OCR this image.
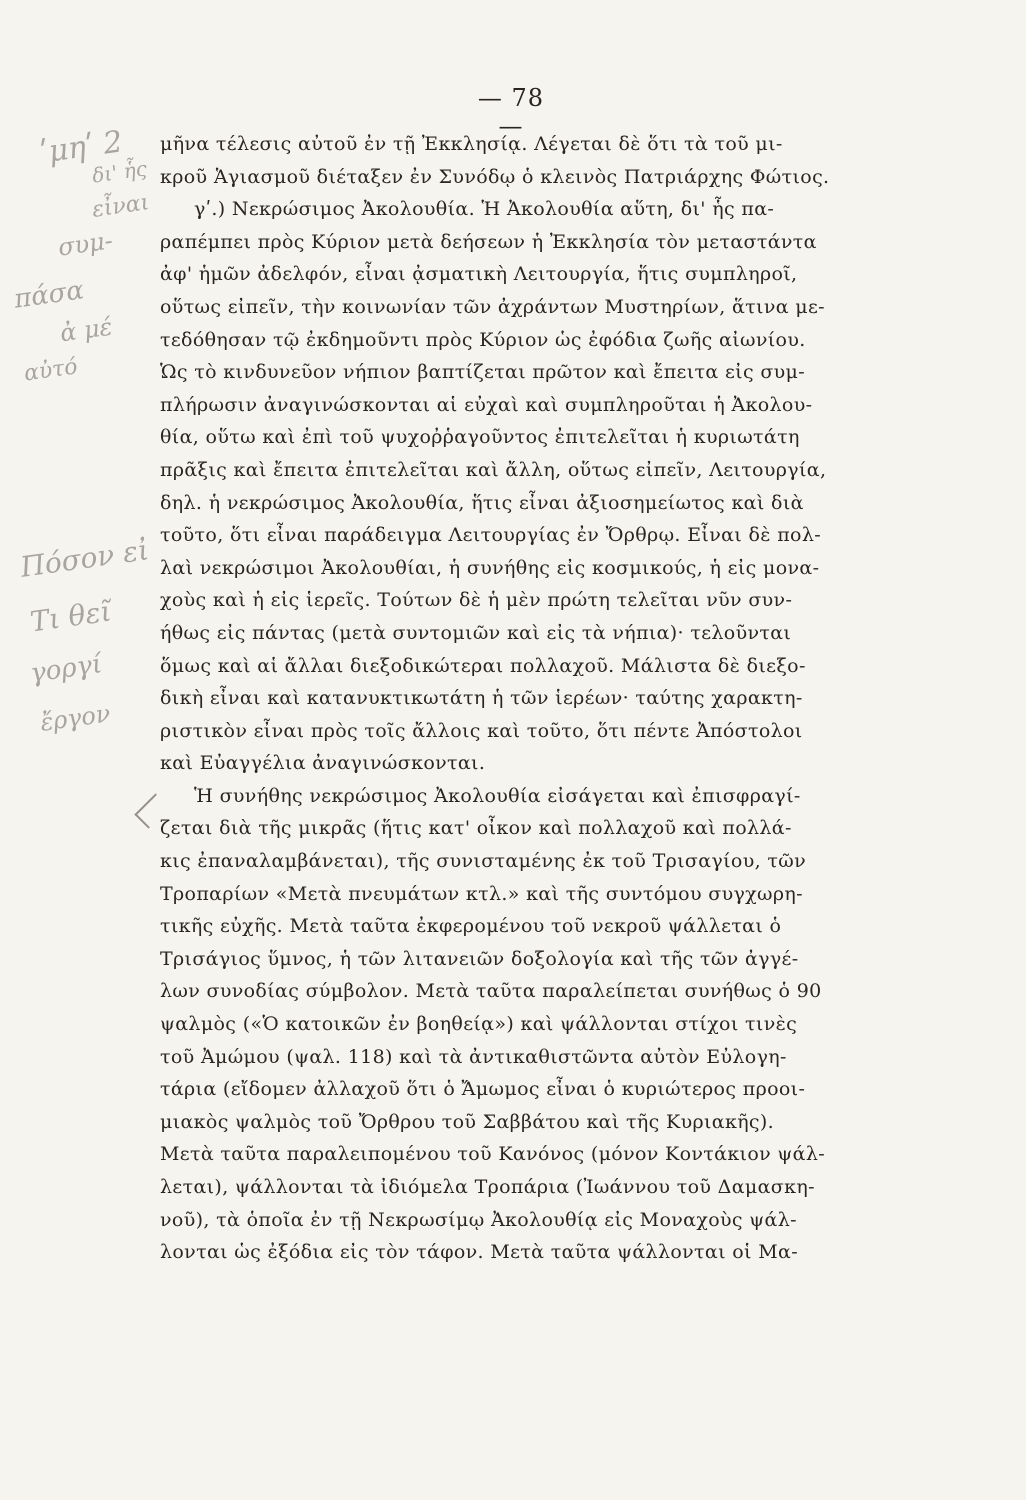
— 78 —
ʹμηʹ 2
δι' ἧς
εἶναι
συμ-
πάσα
ἀ μέ
αὐτό
Πόσον εἰ
Τι θεῖ
γοργί
ἔργον
μῆνα τέλεσις αὐτοῦ ἐν τῇ Ἐκκλησίᾳ. Λέγεται δὲ ὅτι τὰ τοῦ μι-
κροῦ Ἁγιασμοῦ διέταξεν ἐν Συνόδῳ ὁ κλεινὸς Πατριάρχης Φώτιος.
γʹ.) Νεκρώσιμος Ἀκολουθία. Ἡ Ἀκολουθία αὕτη, δι' ἧς πα-
ραπέμπει πρὸς Κύριον μετὰ δεήσεων ἡ Ἐκκλησία τὸν μεταστάντα
ἀφ' ἡμῶν ἀδελφόν, εἶναι ᾀσματικὴ Λειτουργία, ἥτις συμπληροῖ,
οὕτως εἰπεῖν, τὴν κοινωνίαν τῶν ἀχράντων Μυστηρίων, ἅτινα με-
τεδόθησαν τῷ ἐκδημοῦντι πρὸς Κύριον ὡς ἐφόδια ζωῆς αἰωνίου.
Ὡς τὸ κινδυνεῦον νήπιον βαπτίζεται πρῶτον καὶ ἔπειτα εἰς συμ-
πλήρωσιν ἀναγινώσκονται αἱ εὐχαὶ καὶ συμπληροῦται ἡ Ἀκολου-
θία, οὕτω καὶ ἐπὶ τοῦ ψυχοῤῥαγοῦντος ἐπιτελεῖται ἡ κυριωτάτη
πρᾶξις καὶ ἔπειτα ἐπιτελεῖται καὶ ἄλλη, οὕτως εἰπεῖν, Λειτουργία,
δηλ. ἡ νεκρώσιμος Ἀκολουθία, ἥτις εἶναι ἀξιοσημείωτος καὶ διὰ
τοῦτο, ὅτι εἶναι παράδειγμα Λειτουργίας ἐν Ὄρθρῳ. Εἶναι δὲ πολ-
λαὶ νεκρώσιμοι Ἀκολουθίαι, ἡ συνήθης εἰς κοσμικούς, ἡ εἰς μονα-
χοὺς καὶ ἡ εἰς ἱερεῖς. Τούτων δὲ ἡ μὲν πρώτη τελεῖται νῦν συν-
ήθως εἰς πάντας (μετὰ συντομιῶν καὶ εἰς τὰ νήπια)· τελοῦνται
ὅμως καὶ αἱ ἄλλαι διεξοδικώτεραι πολλαχοῦ. Μάλιστα δὲ διεξο-
δικὴ εἶναι καὶ κατανυκτικωτάτη ἡ τῶν ἱερέων· ταύτης χαρακτη-
ριστικὸν εἶναι πρὸς τοῖς ἄλλοις καὶ τοῦτο, ὅτι πέντε Ἀπόστολοι
καὶ Εὐαγγέλια ἀναγινώσκονται.
Ἡ συνήθης νεκρώσιμος Ἀκολουθία εἰσάγεται καὶ ἐπισφραγί-
ζεται διὰ τῆς μικρᾶς (ἥτις κατ' οἶκον καὶ πολλαχοῦ καὶ πολλά-
κις ἐπαναλαμβάνεται), τῆς συνισταμένης ἐκ τοῦ Τρισαγίου, τῶν
Τροπαρίων «Μετὰ πνευμάτων κτλ.» καὶ τῆς συντόμου συγχωρη-
τικῆς εὐχῆς. Μετὰ ταῦτα ἐκφερομένου τοῦ νεκροῦ ψάλλεται ὁ
Τρισάγιος ὕμνος, ἡ τῶν λιτανειῶν δοξολογία καὶ τῆς τῶν ἀγγέ-
λων συνοδίας σύμβολον. Μετὰ ταῦτα παραλείπεται συνήθως ὁ 90
ψαλμὸς («Ὁ κατοικῶν ἐν βοηθείᾳ») καὶ ψάλλονται στίχοι τινὲς
τοῦ Ἀμώμου (ψαλ. 118) καὶ τὰ ἀντικαθιστῶντα αὐτὸν Εὐλογη-
τάρια (εἴδομεν ἀλλαχοῦ ὅτι ὁ Ἄμωμος εἶναι ὁ κυριώτερος προοι-
μιακὸς ψαλμὸς τοῦ Ὄρθρου τοῦ Σαββάτου καὶ τῆς Κυριακῆς).
Μετὰ ταῦτα παραλειπομένου τοῦ Κανόνος (μόνον Κοντάκιον ψάλ-
λεται), ψάλλονται τὰ ἰδιόμελα Τροπάρια (Ἰωάννου τοῦ Δαμασκη-
νοῦ), τὰ ὁποῖα ἐν τῇ Νεκρωσίμῳ Ἀκολουθίᾳ εἰς Μοναχοὺς ψάλ-
λονται ὡς ἐξόδια εἰς τὸν τάφον. Μετὰ ταῦτα ψάλλονται οἱ Μα-
